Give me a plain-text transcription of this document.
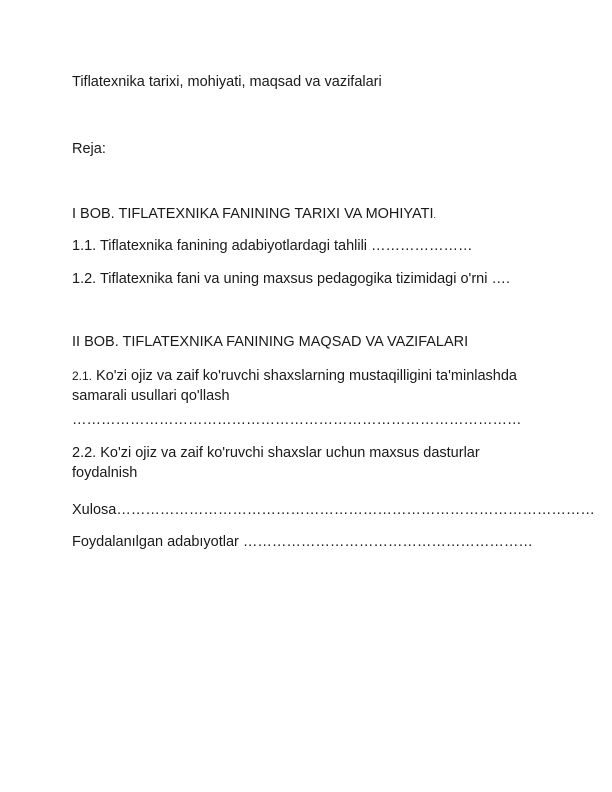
Tiflatexnika tarixi, mohiyati, maqsad va vazifalari
Reja:
I BOB. TIFLATEXNIKA FANINING TARIXI VA MOHIYATI.
1.1. Tiflatexnika fanining adabiyotlardagi tahlili …………………
1.2. Tiflatexnika fani va uning maxsus pedagogika tizimidagi o'rni ….
II BOB. TIFLATEXNIKA FANINING MAQSAD VA VAZIFALARI
2.1. Ko'zi ojiz va zaif ko'ruvchi shaxslarning mustaqilligini ta'minlashda samarali usullari qo'llash
…………………………………………………………………………………
2.2. Ko'zi ojiz va zaif ko'ruvchi shaxslar uchun maxsus dasturlar foydalnish
Xulosa………………………………………………………………………………………
Foydalanılgan adabıyotlar ……………………………………………………
